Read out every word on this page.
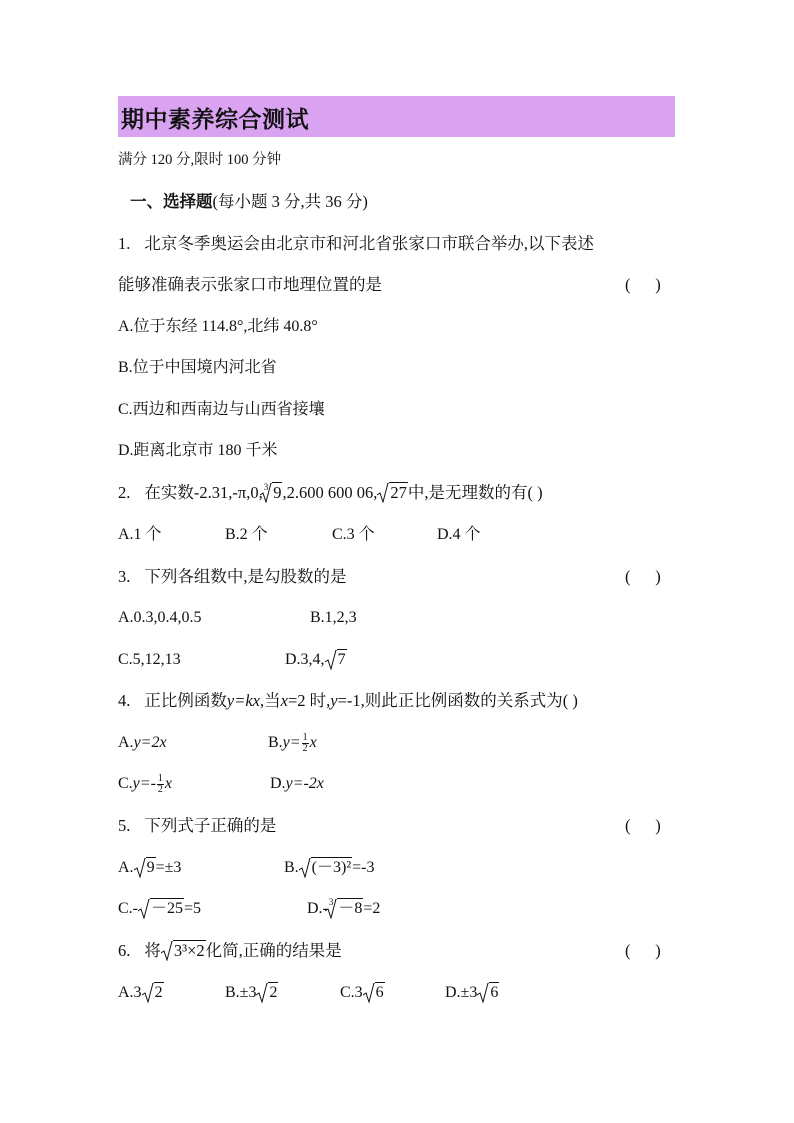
期中素养综合测试
满分 120 分,限时 100 分钟
一、选择题(每小题 3 分,共 36 分)
1. 北京冬季奥运会由北京市和河北省张家口市联合举办,以下表述
能够准确表示张家口市地理位置的是	(      )
A.位于东经 114.8°,北纬 40.8°
B.位于中国境内河北省
C.西边和西南边与山西省接壤
D.距离北京市 180 千米
2. 在实数-2.31,-π,0,$^3$ 9,2.600 600 06, 27中,是无理数的有( )
A.1 个	B.2 个	C.3 个	D.4 个
3. 下列各组数中,是勾股数的是	(      )
A.0.3,0.4,0.5	B.1,2,3
C.5,12,13	D.3,4, 7
4. 正比例函数y=kx,当x=2 时,y=-1,则此正比例函数的关系式为( )
A.y=2x	$B.y= \frac{1}{2}$ x
$C.y=- \frac{1}{2}$ x	D.y=-2x
5. 下列式子正确的是	(      )
A. 9=±3	B. (－3)²=-3
C.- －25=5	D.-$^3$ －8=2
6. 将 3³×2化简,正确的结果是	(      )
A.3 2	B.±3 2	C.3 6	D.±3 6
